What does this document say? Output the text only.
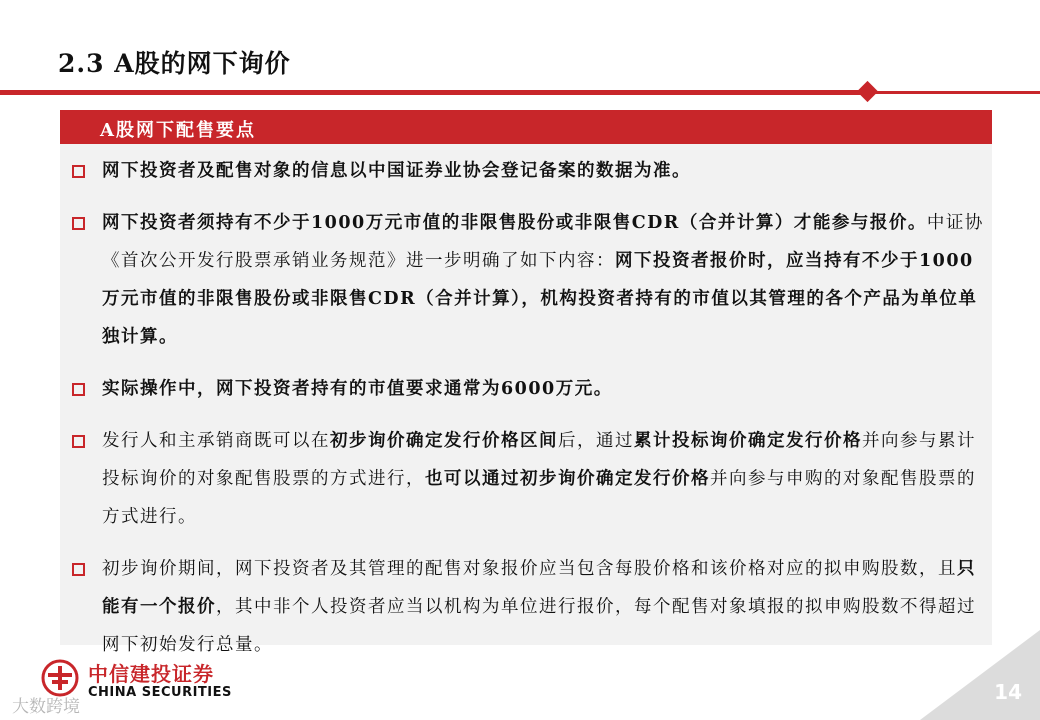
2.3 A股的网下询价
A股网下配售要点
网下投资者及配售对象的信息以中国证券业协会登记备案的数据为准。
网下投资者须持有不少于1000万元市值的非限售股份或非限售CDR（合并计算）才能参与报价。中证协《首次公开发行股票承销业务规范》进一步明确了如下内容：网下投资者报价时，应当持有不少于1000万元市值的非限售股份或非限售CDR（合并计算），机构投资者持有的市值以其管理的各个产品为单位单独计算。
实际操作中，网下投资者持有的市值要求通常为6000万元。
发行人和主承销商既可以在初步询价确定发行价格区间后，通过累计投标询价确定发行价格并向参与累计投标询价的对象配售股票的方式进行，也可以通过初步询价确定发行价格并向参与申购的对象配售股票的方式进行。
初步询价期间，网下投资者及其管理的配售对象报价应当包含每股价格和该价格对应的拟申购股数，且只能有一个报价，其中非个人投资者应当以机构为单位进行报价，每个配售对象填报的拟申购股数不得超过网下初始发行总量。
中信建投证券
CHINA SECURITIES
大数跨境
14
